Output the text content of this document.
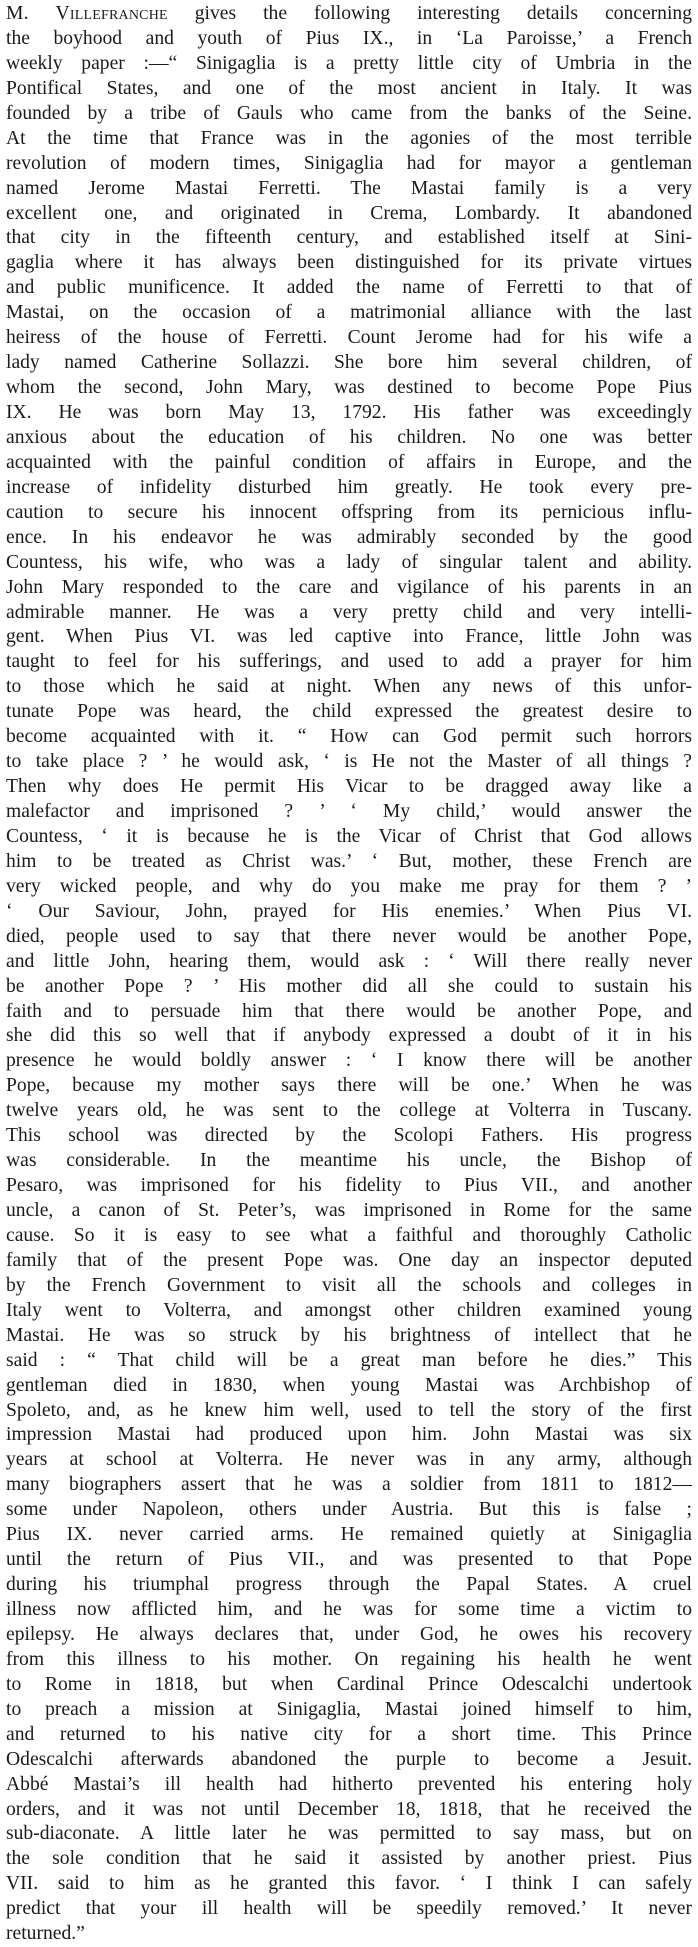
M. Villefranche gives the following interesting details concerning
the boyhood and youth of Pius IX., in ‘La Paroisse,’ a French
weekly paper :—“ Sinigaglia is a pretty little city of Umbria in the
Pontifical States, and one of the most ancient in Italy. It was
founded by a tribe of Gauls who came from the banks of the Seine.
At the time that France was in the agonies of the most terrible
revolution of modern times, Sinigaglia had for mayor a gentleman
named Jerome Mastai Ferretti. The Mastai family is a very
excellent one, and originated in Crema, Lombardy. It abandoned
that city in the fifteenth century, and established itself at Sini-
gaglia where it has always been distinguished for its private virtues
and public munificence. It added the name of Ferretti to that of
Mastai, on the occasion of a matrimonial alliance with the last
heiress of the house of Ferretti. Count Jerome had for his wife a
lady named Catherine Sollazzi. She bore him several children, of
whom the second, John Mary, was destined to become Pope Pius
IX. He was born May 13, 1792. His father was exceedingly
anxious about the education of his children. No one was better
acquainted with the painful condition of affairs in Europe, and the
increase of infidelity disturbed him greatly. He took every pre-
caution to secure his innocent offspring from its pernicious influ-
ence. In his endeavor he was admirably seconded by the good
Countess, his wife, who was a lady of singular talent and ability.
John Mary responded to the care and vigilance of his parents in an
admirable manner. He was a very pretty child and very intelli-
gent. When Pius VI. was led captive into France, little John was
taught to feel for his sufferings, and used to add a prayer for him
to those which he said at night. When any news of this unfor-
tunate Pope was heard, the child expressed the greatest desire to
become acquainted with it. “ How can God permit such horrors
to take place ? ’ he would ask, ‘ is He not the Master of all things ?
Then why does He permit His Vicar to be dragged away like a
malefactor and imprisoned ? ’ ‘ My child,’ would answer the
Countess, ‘ it is because he is the Vicar of Christ that God allows
him to be treated as Christ was.’ ‘ But, mother, these French are
very wicked people, and why do you make me pray for them ? ’
‘ Our Saviour, John, prayed for His enemies.’ When Pius VI.
died, people used to say that there never would be another Pope,
and little John, hearing them, would ask : ‘ Will there really never
be another Pope ? ’ His mother did all she could to sustain his
faith and to persuade him that there would be another Pope, and
she did this so well that if anybody expressed a doubt of it in his
presence he would boldly answer : ‘ I know there will be another
Pope, because my mother says there will be one.’ When he was
twelve years old, he was sent to the college at Volterra in Tuscany.
This school was directed by the Scolopi Fathers. His progress
was considerable. In the meantime his uncle, the Bishop of
Pesaro, was imprisoned for his fidelity to Pius VII., and another
uncle, a canon of St. Peter’s, was imprisoned in Rome for the same
cause. So it is easy to see what a faithful and thoroughly Catholic
family that of the present Pope was. One day an inspector deputed
by the French Government to visit all the schools and colleges in
Italy went to Volterra, and amongst other children examined young
Mastai. He was so struck by his brightness of intellect that he
said : “ That child will be a great man before he dies.” This
gentleman died in 1830, when young Mastai was Archbishop of
Spoleto, and, as he knew him well, used to tell the story of the first
impression Mastai had produced upon him. John Mastai was six
years at school at Volterra. He never was in any army, although
many biographers assert that he was a soldier from 1811 to 1812—
some under Napoleon, others under Austria. But this is false ;
Pius IX. never carried arms. He remained quietly at Sinigaglia
until the return of Pius VII., and was presented to that Pope
during his triumphal progress through the Papal States. A cruel
illness now afflicted him, and he was for some time a victim to
epilepsy. He always declares that, under God, he owes his recovery
from this illness to his mother. On regaining his health he went
to Rome in 1818, but when Cardinal Prince Odescalchi undertook
to preach a mission at Sinigaglia, Mastai joined himself to him,
and returned to his native city for a short time. This Prince
Odescalchi afterwards abandoned the purple to become a Jesuit.
Abbé Mastai’s ill health had hitherto prevented his entering holy
orders, and it was not until December 18, 1818, that he received the
sub-diaconate. A little later he was permitted to say mass, but on
the sole condition that he said it assisted by another priest. Pius
VII. said to him as he granted this favor. ‘ I think I can safely
predict that your ill health will be speedily removed.’ It never
returned.”
